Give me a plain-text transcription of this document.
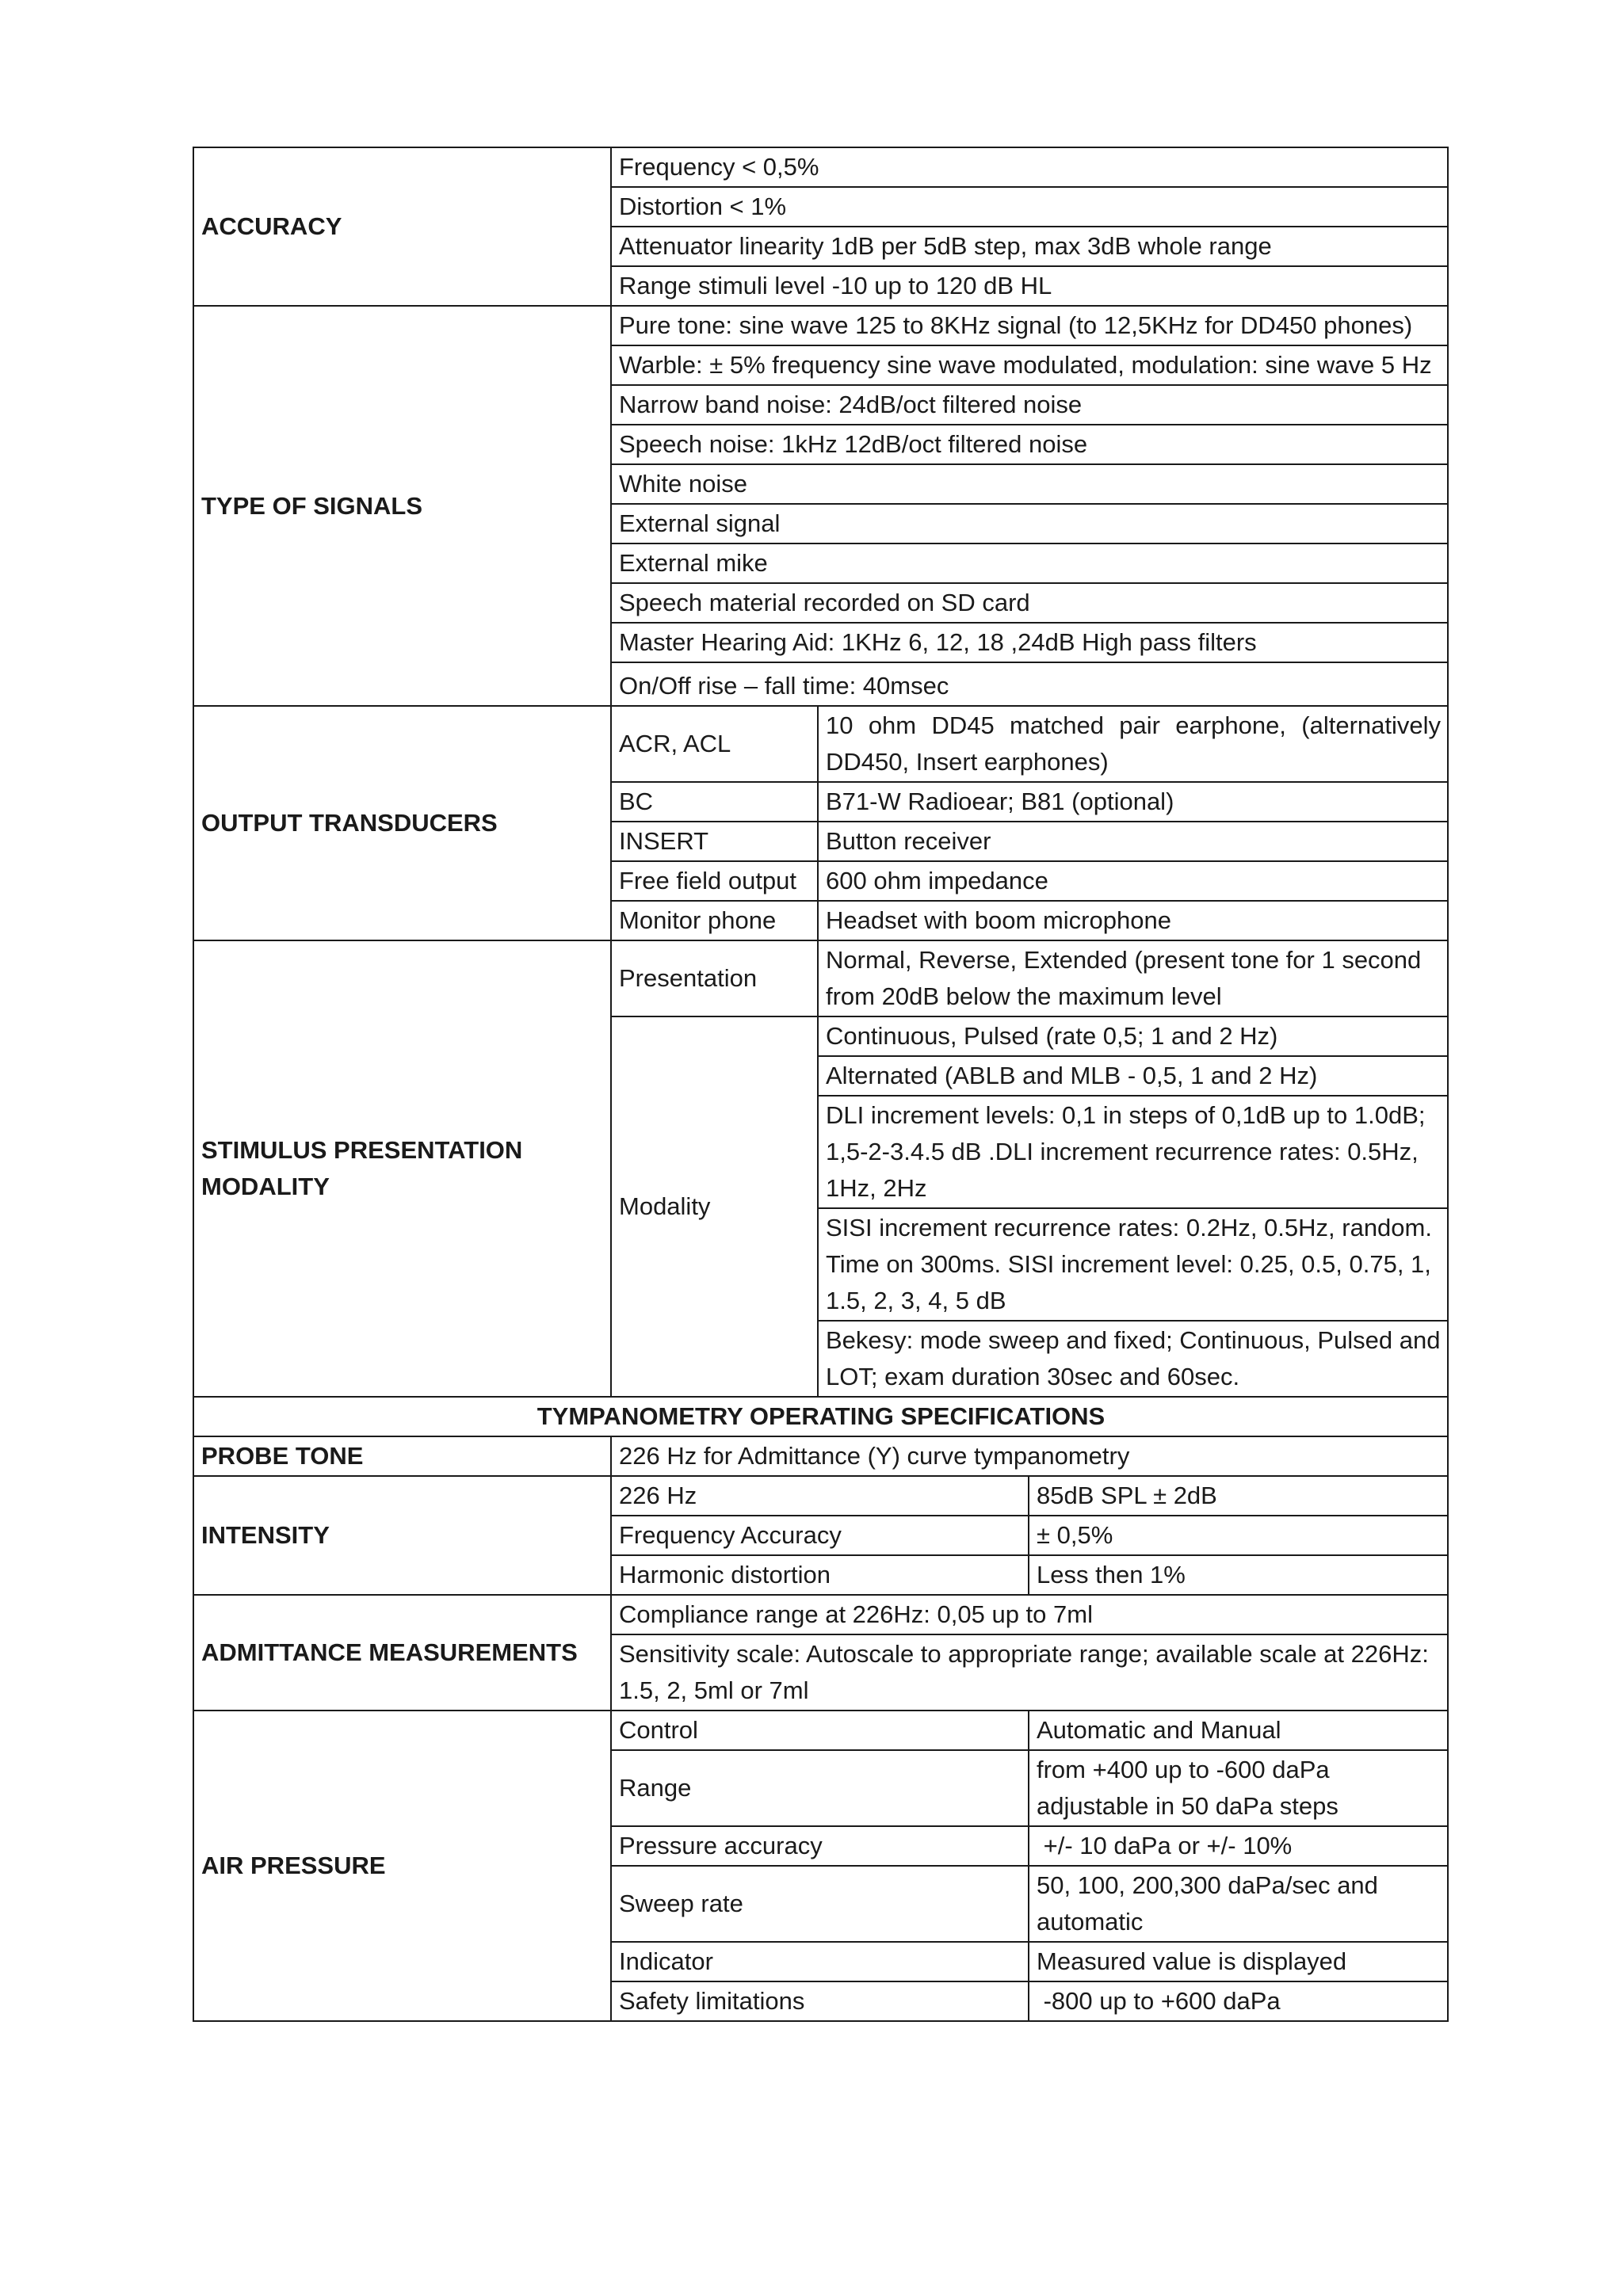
ACCURACY	Frequency < 0,5%		
	Distortion < 1%		
	Attenuator linearity 1dB per 5dB step, max 3dB whole range		
	Range stimuli level -10 up to 120 dB HL		
TYPE OF SIGNALS	Pure tone: sine wave 125 to 8KHz signal (to 12,5KHz for DD450 phones)		
	Warble: ± 5% frequency sine wave modulated, modulation: sine wave 5 Hz		
	Narrow band noise: 24dB/oct filtered noise		
	Speech noise: 1kHz 12dB/oct filtered noise		
	White noise		
	External signal		
	External mike		
	Speech material recorded on SD card		
	Master Hearing Aid: 1KHz 6, 12, 18 ,24dB High pass filters		
	On/Off rise – fall time: 40msec		
OUTPUT TRANSDUCERS	ACR, ACL	10 ohm DD45 matched pair earphone, (alternatively DD450, Insert earphones)	
	BC	B71-W Radioear; B81 (optional)	
	INSERT	Button receiver	
	Free field output	600 ohm impedance	
	Monitor phone	Headset with boom microphone	
STIMULUS PRESENTATION MODALITY	Presentation	Normal, Reverse, Extended (present tone for 1 second from 20dB below the maximum level	
	Modality	Continuous, Pulsed (rate 0,5; 1 and 2 Hz)	
		Alternated (ABLB and MLB - 0,5, 1 and 2 Hz)	
		DLI increment levels: 0,1 in steps of 0,1dB up to 1.0dB; 1,5-2-3.4.5 dB .DLI increment recurrence rates: 0.5Hz, 1Hz, 2Hz	
		SISI increment recurrence rates: 0.2Hz, 0.5Hz, random. Time on 300ms. SISI increment level: 0.25, 0.5, 0.75, 1, 1.5, 2, 3, 4, 5 dB	
		Bekesy: mode sweep and fixed; Continuous, Pulsed and LOT; exam duration 30sec and 60sec.	
TYMPANOMETRY OPERATING SPECIFICATIONS			
PROBE TONE	226 Hz for Admittance (Y) curve tympanometry		
INTENSITY	226 Hz		85dB SPL ± 2dB
	Frequency Accuracy		± 0,5%
	Harmonic distortion		Less then 1%
ADMITTANCE MEASUREMENTS	Compliance range at 226Hz: 0,05 up to 7ml		
	Sensitivity scale: Autoscale to appropriate range; available scale at 226Hz: 1.5, 2, 5ml or 7ml		
AIR PRESSURE	Control		Automatic and Manual
	Range		from +400 up to -600 daPa adjustable in 50 daPa steps
	Pressure accuracy		+/- 10 daPa or +/- 10%
	Sweep rate		50, 100, 200,300 daPa/sec and automatic
	Indicator		Measured value is displayed
	Safety limitations		-800 up to +600 daPa
